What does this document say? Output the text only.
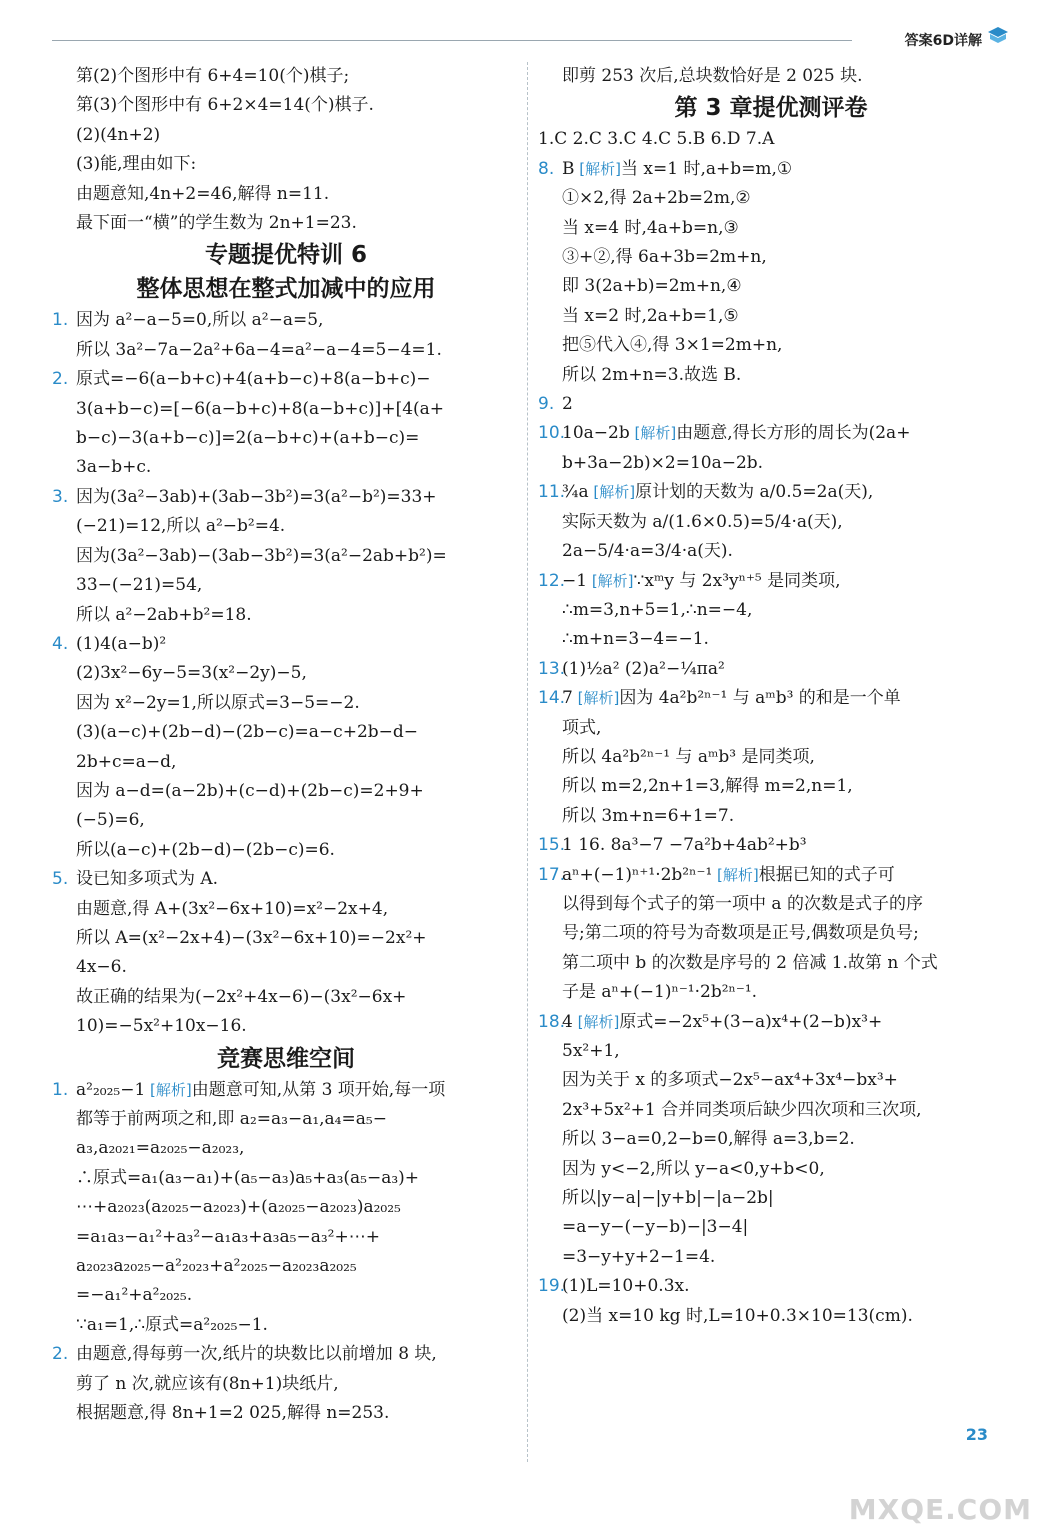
答案6D详解
第(2)个图形中有 6+4=10(个)棋子;
第(3)个图形中有 6+2×4=14(个)棋子.
(2)(4n+2)
(3)能,理由如下:
由题意知,4n+2=46,解得 n=11.
最下面一“横”的学生数为 2n+1=23.
专题提优特训 6
整体思想在整式加减中的应用
1. 因为 a²−a−5=0,所以 a²−a=5,
所以 3a²−7a−2a²+6a−4=a²−a−4=5−4=1.
2. 原式=−6(a−b+c)+4(a+b−c)+8(a−b+c)−
3(a+b−c)=[−6(a−b+c)+8(a−b+c)]+[4(a+
b−c)−3(a+b−c)]=2(a−b+c)+(a+b−c)=
3a−b+c.
3. 因为(3a²−3ab)+(3ab−3b²)=3(a²−b²)=33+
(−21)=12,所以 a²−b²=4.
因为(3a²−3ab)−(3ab−3b²)=3(a²−2ab+b²)=
33−(−21)=54,
所以 a²−2ab+b²=18.
4. (1)4(a−b)²
(2)3x²−6y−5=3(x²−2y)−5,
因为 x²−2y=1,所以原式=3−5=−2.
(3)(a−c)+(2b−d)−(2b−c)=a−c+2b−d−
2b+c=a−d,
因为 a−d=(a−2b)+(c−d)+(2b−c)=2+9+
(−5)=6,
所以(a−c)+(2b−d)−(2b−c)=6.
5. 设已知多项式为 A.
由题意,得 A+(3x²−6x+10)=x²−2x+4,
所以 A=(x²−2x+4)−(3x²−6x+10)=−2x²+
4x−6.
故正确的结果为(−2x²+4x−6)−(3x²−6x+
10)=−5x²+10x−16.
竞赛思维空间
1. a²₂₀₂₅−1 [解析]由题意可知,从第 3 项开始,每一项
都等于前两项之和,即 a₂=a₃−a₁,a₄=a₅−
a₃,a₂₀₂₁=a₂₀₂₅−a₂₀₂₃,
∴原式=a₁(a₃−a₁)+(a₅−a₃)a₅+a₃(a₅−a₃)+
⋯+a₂₀₂₃(a₂₀₂₅−a₂₀₂₃)+(a₂₀₂₅−a₂₀₂₃)a₂₀₂₅
=a₁a₃−a₁²+a₃²−a₁a₃+a₃a₅−a₃²+⋯+
a₂₀₂₃a₂₀₂₅−a²₂₀₂₃+a²₂₀₂₅−a₂₀₂₃a₂₀₂₅
=−a₁²+a²₂₀₂₅.
∵a₁=1,∴原式=a²₂₀₂₅−1.
2. 由题意,得每剪一次,纸片的块数比以前增加 8 块,
剪了 n 次,就应该有(8n+1)块纸片,
根据题意,得 8n+1=2 025,解得 n=253.
即剪 253 次后,总块数恰好是 2 025 块.
第 3 章提优测评卷
1.C 2.C 3.C 4.C 5.B 6.D 7.A
8. B [解析]当 x=1 时,a+b=m,①
①×2,得 2a+2b=2m,②
当 x=4 时,4a+b=n,③
③+②,得 6a+3b=2m+n,
即 3(2a+b)=2m+n,④
当 x=2 时,2a+b=1,⑤
把⑤代入④,得 3×1=2m+n,
所以 2m+n=3.故选 B.
9. 2
10.10a−2b [解析]由题意,得长方形的周长为(2a+
b+3a−2b)×2=10a−2b.
11.¾a [解析]原计划的天数为 a/0.5=2a(天),
实际天数为 a/(1.6×0.5)=5/4·a(天),
2a−5/4·a=3/4·a(天).
12.−1 [解析]∵xᵐy 与 2x³yⁿ⁺⁵ 是同类项,
∴m=3,n+5=1,∴n=−4,
∴m+n=3−4=−1.
13.(1)½a² (2)a²−¼πa²
14.7 [解析]因为 4a²b²ⁿ⁻¹ 与 aᵐb³ 的和是一个单
项式,
所以 4a²b²ⁿ⁻¹ 与 aᵐb³ 是同类项,
所以 m=2,2n+1=3,解得 m=2,n=1,
所以 3m+n=6+1=7.
15.1 16. 8a³−7 −7a²b+4ab²+b³
17.aⁿ+(−1)ⁿ⁺¹·2b²ⁿ⁻¹ [解析]根据已知的式子可
以得到每个式子的第一项中 a 的次数是式子的序
号;第二项的符号为奇数项是正号,偶数项是负号;
第二项中 b 的次数是序号的 2 倍减 1.故第 n 个式
子是 aⁿ+(−1)ⁿ⁻¹·2b²ⁿ⁻¹.
18.4 [解析]原式=−2x⁵+(3−a)x⁴+(2−b)x³+
5x²+1,
因为关于 x 的多项式−2x⁵−ax⁴+3x⁴−bx³+
2x³+5x²+1 合并同类项后缺少四次项和三次项,
所以 3−a=0,2−b=0,解得 a=3,b=2.
因为 y<−2,所以 y−a<0,y+b<0,
所以|y−a|−|y+b|−|a−2b|
=a−y−(−y−b)−|3−4|
=3−y+y+2−1=4.
19.(1)L=10+0.3x.
(2)当 x=10 kg 时,L=10+0.3×10=13(cm).
23
MXQE.COM
